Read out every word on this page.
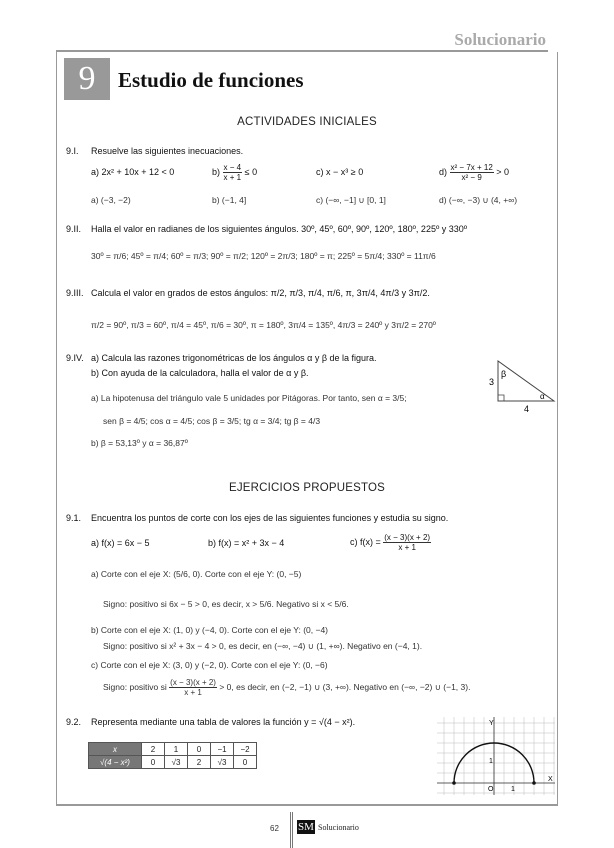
Solucionario
9	Estudio de funciones
ACTIVIDADES INICIALES
9.I. Resuelve las siguientes inecuaciones.
a) 2x² + 10x + 12 < 0	$b) \frac{x - 4}{x + 1} \le 0$	c) x − x³ ≥ 0	$d) \frac{\text{x² − 7x + 12}}{\text{x² − 9}} > 0$
a) (−3, −2)	b) (−1, 4]	c) (−∞, −1] ∪ [0, 1]	d) (−∞, −3) ∪ (4, +∞)
9.II. Halla el valor en radianes de los siguientes ángulos. 30º, 45º, 60º, 90º, 120º, 180º, 225º y 330º
30º = π/6; 45º = π/4; 60º = π/3; 90º = π/2; 120º = 2π/3; 180º = π; 225º = 5π/4; 330º = 11π/6
9.III. Calcula el valor en grados de estos ángulos: π/2, π/3, π/4, π/6, π, 3π/4, 4π/3 y 3π/2.
π/2 = 90º, π/3 = 60º, π/4 = 45º, π/6 = 30º, π = 180º, 3π/4 = 135º, 4π/3 = 240º y 3π/2 = 270º
9.IV. a) Calcula las razones trigonométricas de los ángulos α y β de la figura.
b) Con ayuda de la calculadora, halla el valor de α y β.
a) La hipotenusa del triángulo vale 5 unidades por Pitágoras. Por tanto, sen α = 3/5;
sen β = 4/5; cos α = 4/5; cos β = 3/5; tg α = 3/4; tg β = 4/3
b) β = 53,13º y α = 36,87º
3
4
β
α
EJERCICIOS PROPUESTOS
9.1. Encuentra los puntos de corte con los ejes de las siguientes funciones y estudia su signo.
a) f(x) = 6x − 5	b) f(x) = x² + 3x − 4	c) $f(x) = \frac{(x - 3)(x + 2)}{x + 1}$
a) Corte con el eje X: (5/6, 0). Corte con el eje Y: (0, −5)
Signo: positivo si 6x − 5 > 0, es decir, x > 5/6. Negativo si x < 5/6.
b) Corte con el eje X: (1, 0) y (−4, 0). Corte con el eje Y: (0, −4)
Signo: positivo si x² + 3x − 4 > 0, es decir, en (−∞, −4) ∪ (1, +∞). Negativo en (−4, 1).
c) Corte con el eje X: (3, 0) y (−2, 0). Corte con el eje Y: (0, −6)
Signo: positivo si $\frac{(x - 3)(x + 2)}{x + 1} > 0$, es decir, en (−2, −1) ∪ (3, +∞). Negativo en (−∞, −2) ∪ (−1, 3).
9.2. Representa mediante una tabla de valores la función y = √(4 − x²).
x	2	1	0	−1	−2
√(4 − x²)	0	√3	2	√3	0
X
Y
O	1
1
62 SM Solucionario
